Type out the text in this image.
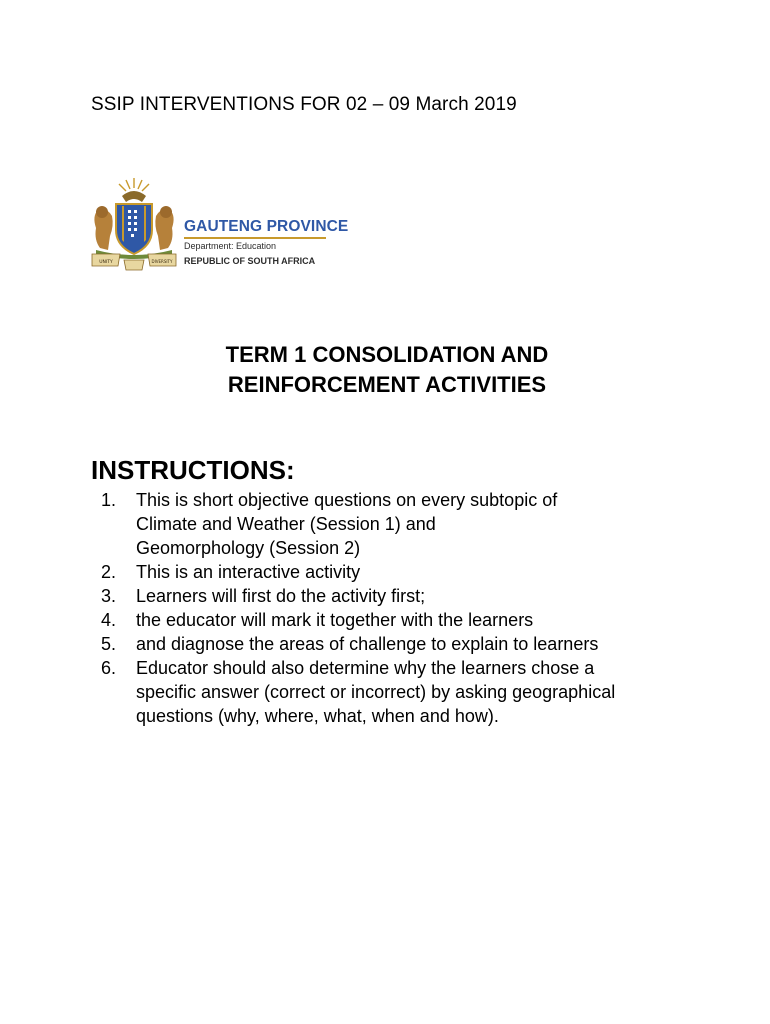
SSIP INTERVENTIONS FOR 02 – 09 March 2019
UNITY	DIVERSITY
GAUTENG PROVINCE
Department: Education
REPUBLIC OF SOUTH AFRICA
TERM 1 CONSOLIDATION AND
REINFORCEMENT ACTIVITIES
INSTRUCTIONS:
1. This is short objective questions on every subtopic of
Climate and Weather (Session 1) and
Geomorphology (Session 2)
2. This is an interactive activity
3. Learners will first do the activity first;
4. the educator will mark it together with the learners
5. and diagnose the areas of challenge to explain to learners
6. Educator should also determine why the learners chose a
specific answer (correct or incorrect) by asking geographical
questions (why, where, what, when and how).
